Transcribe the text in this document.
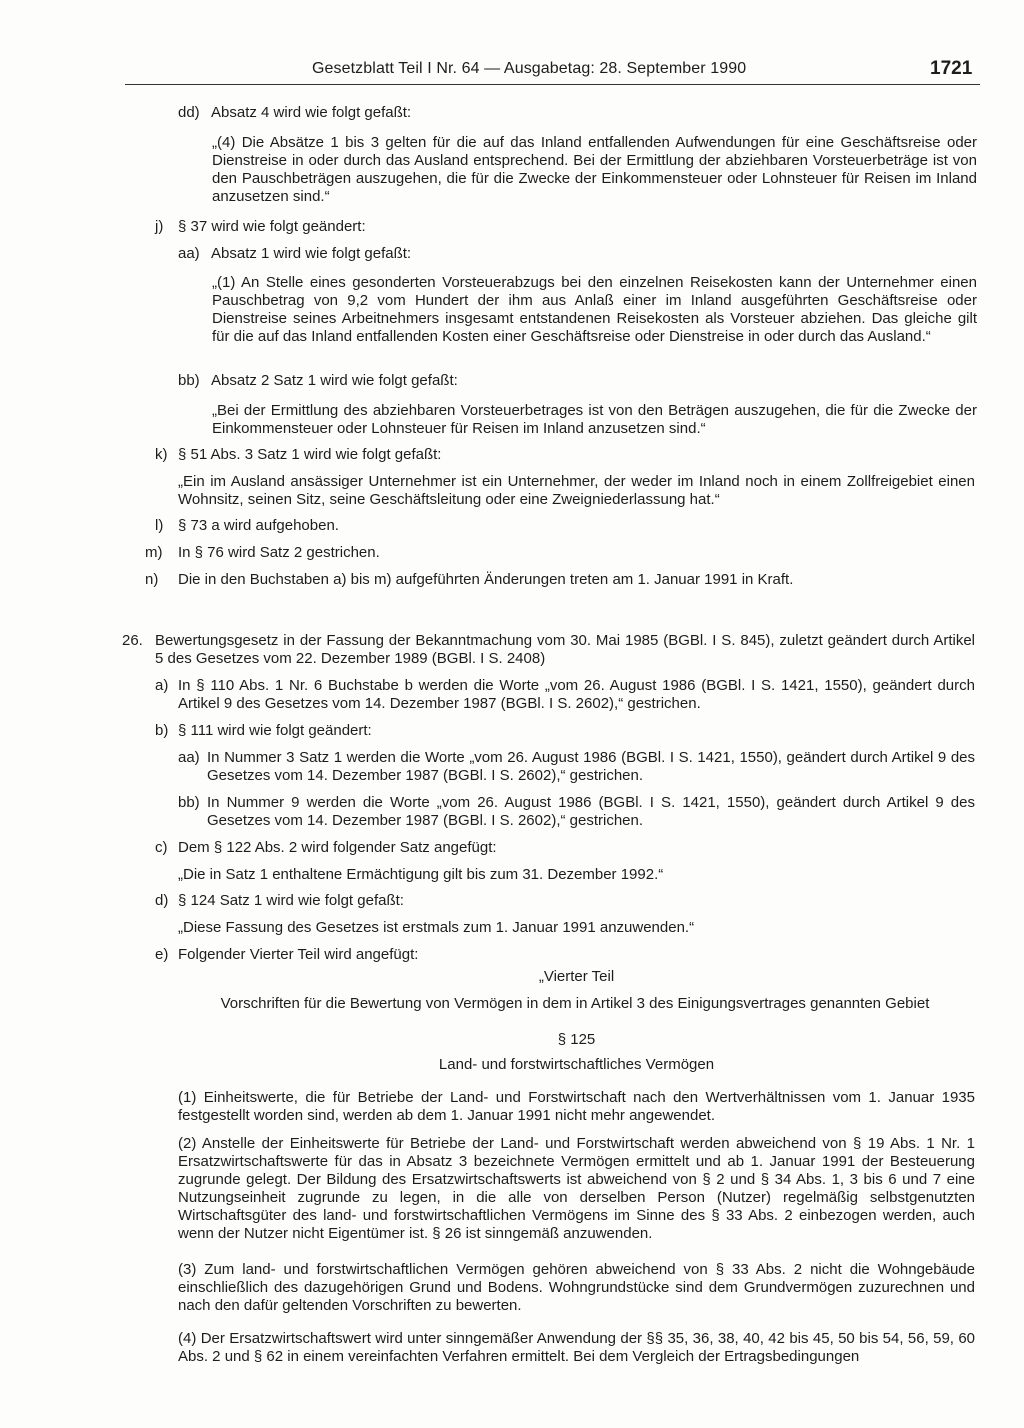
Gesetzblatt Teil I Nr. 64 — Ausgabetag: 28. September 1990	1721
dd) Absatz 4 wird wie folgt gefaßt:
„(4) Die Absätze 1 bis 3 gelten für die auf das Inland entfallenden Aufwendungen für eine Geschäftsreise oder Dienstreise in oder durch das Ausland entsprechend. Bei der Ermittlung der abziehbaren Vorsteuerbeträge ist von den Pauschbeträgen auszugehen, die für die Zwecke der Einkommensteuer oder Lohnsteuer für Reisen im Inland anzusetzen sind.“
j) § 37 wird wie folgt geändert:
aa) Absatz 1 wird wie folgt gefaßt:
„(1) An Stelle eines gesonderten Vorsteuerabzugs bei den einzelnen Reisekosten kann der Unternehmer einen Pauschbetrag von 9,2 vom Hundert der ihm aus Anlaß einer im Inland ausgeführten Geschäftsreise oder Dienstreise seines Arbeitnehmers insgesamt entstandenen Reisekosten als Vorsteuer abziehen. Das gleiche gilt für die auf das Inland entfallenden Kosten einer Geschäftsreise oder Dienstreise in oder durch das Ausland.“
bb) Absatz 2 Satz 1 wird wie folgt gefaßt:
„Bei der Ermittlung des abziehbaren Vorsteuerbetrages ist von den Beträgen auszugehen, die für die Zwecke der Einkommensteuer oder Lohnsteuer für Reisen im Inland anzusetzen sind.“
k) § 51 Abs. 3 Satz 1 wird wie folgt gefaßt:
„Ein im Ausland ansässiger Unternehmer ist ein Unternehmer, der weder im Inland noch in einem Zollfreigebiet einen Wohnsitz, seinen Sitz, seine Geschäftsleitung oder eine Zweigniederlassung hat.“
l) § 73 a wird aufgehoben.
m) In § 76 wird Satz 2 gestrichen.
n) Die in den Buchstaben a) bis m) aufgeführten Änderungen treten am 1. Januar 1991 in Kraft.
26. Bewertungsgesetz in der Fassung der Bekanntmachung vom 30. Mai 1985 (BGBl. I S. 845), zuletzt geändert durch Artikel 5 des Gesetzes vom 22. Dezember 1989 (BGBl. I S. 2408)
a) In § 110 Abs. 1 Nr. 6 Buchstabe b werden die Worte „vom 26. August 1986 (BGBl. I S. 1421, 1550), geändert durch Artikel 9 des Gesetzes vom 14. Dezember 1987 (BGBl. I S. 2602),“ gestrichen.
b) § 111 wird wie folgt geändert:
aa) In Nummer 3 Satz 1 werden die Worte „vom 26. August 1986 (BGBl. I S. 1421, 1550), geändert durch Artikel 9 des Gesetzes vom 14. Dezember 1987 (BGBl. I S. 2602),“ gestrichen.
bb) In Nummer 9 werden die Worte „vom 26. August 1986 (BGBl. I S. 1421, 1550), geändert durch Artikel 9 des Gesetzes vom 14. Dezember 1987 (BGBl. I S. 2602),“ gestrichen.
c) Dem § 122 Abs. 2 wird folgender Satz angefügt:
„Die in Satz 1 enthaltene Ermächtigung gilt bis zum 31. Dezember 1992.“
d) § 124 Satz 1 wird wie folgt gefaßt:
„Diese Fassung des Gesetzes ist erstmals zum 1. Januar 1991 anzuwenden.“
e) Folgender Vierter Teil wird angefügt:
„Vierter Teil
Vorschriften für die Bewertung von Vermögen in dem in Artikel 3 des Einigungsvertrages genannten Gebiet
§ 125
Land- und forstwirtschaftliches Vermögen
(1) Einheitswerte, die für Betriebe der Land- und Forstwirtschaft nach den Wertverhältnissen vom 1. Januar 1935 festgestellt worden sind, werden ab dem 1. Januar 1991 nicht mehr angewendet.
(2) Anstelle der Einheitswerte für Betriebe der Land- und Forstwirtschaft werden abweichend von § 19 Abs. 1 Nr. 1 Ersatzwirtschaftswerte für das in Absatz 3 bezeichnete Vermögen ermittelt und ab 1. Januar 1991 der Besteuerung zugrunde gelegt. Der Bildung des Ersatzwirtschaftswerts ist abweichend von § 2 und § 34 Abs. 1, 3 bis 6 und 7 eine Nutzungseinheit zugrunde zu legen, in die alle von derselben Person (Nutzer) regelmäßig selbstgenutzten Wirtschaftsgüter des land- und forstwirtschaftlichen Vermögens im Sinne des § 33 Abs. 2 einbezogen werden, auch wenn der Nutzer nicht Eigentümer ist. § 26 ist sinngemäß anzuwenden.
(3) Zum land- und forstwirtschaftlichen Vermögen gehören abweichend von § 33 Abs. 2 nicht die Wohngebäude einschließlich des dazugehörigen Grund und Bodens. Wohngrundstücke sind dem Grundvermögen zuzurechnen und nach den dafür geltenden Vorschriften zu bewerten.
(4) Der Ersatzwirtschaftswert wird unter sinngemäßer Anwendung der §§ 35, 36, 38, 40, 42 bis 45, 50 bis 54, 56, 59, 60 Abs. 2 und § 62 in einem vereinfachten Verfahren ermittelt. Bei dem Vergleich der Ertragsbedingungen
